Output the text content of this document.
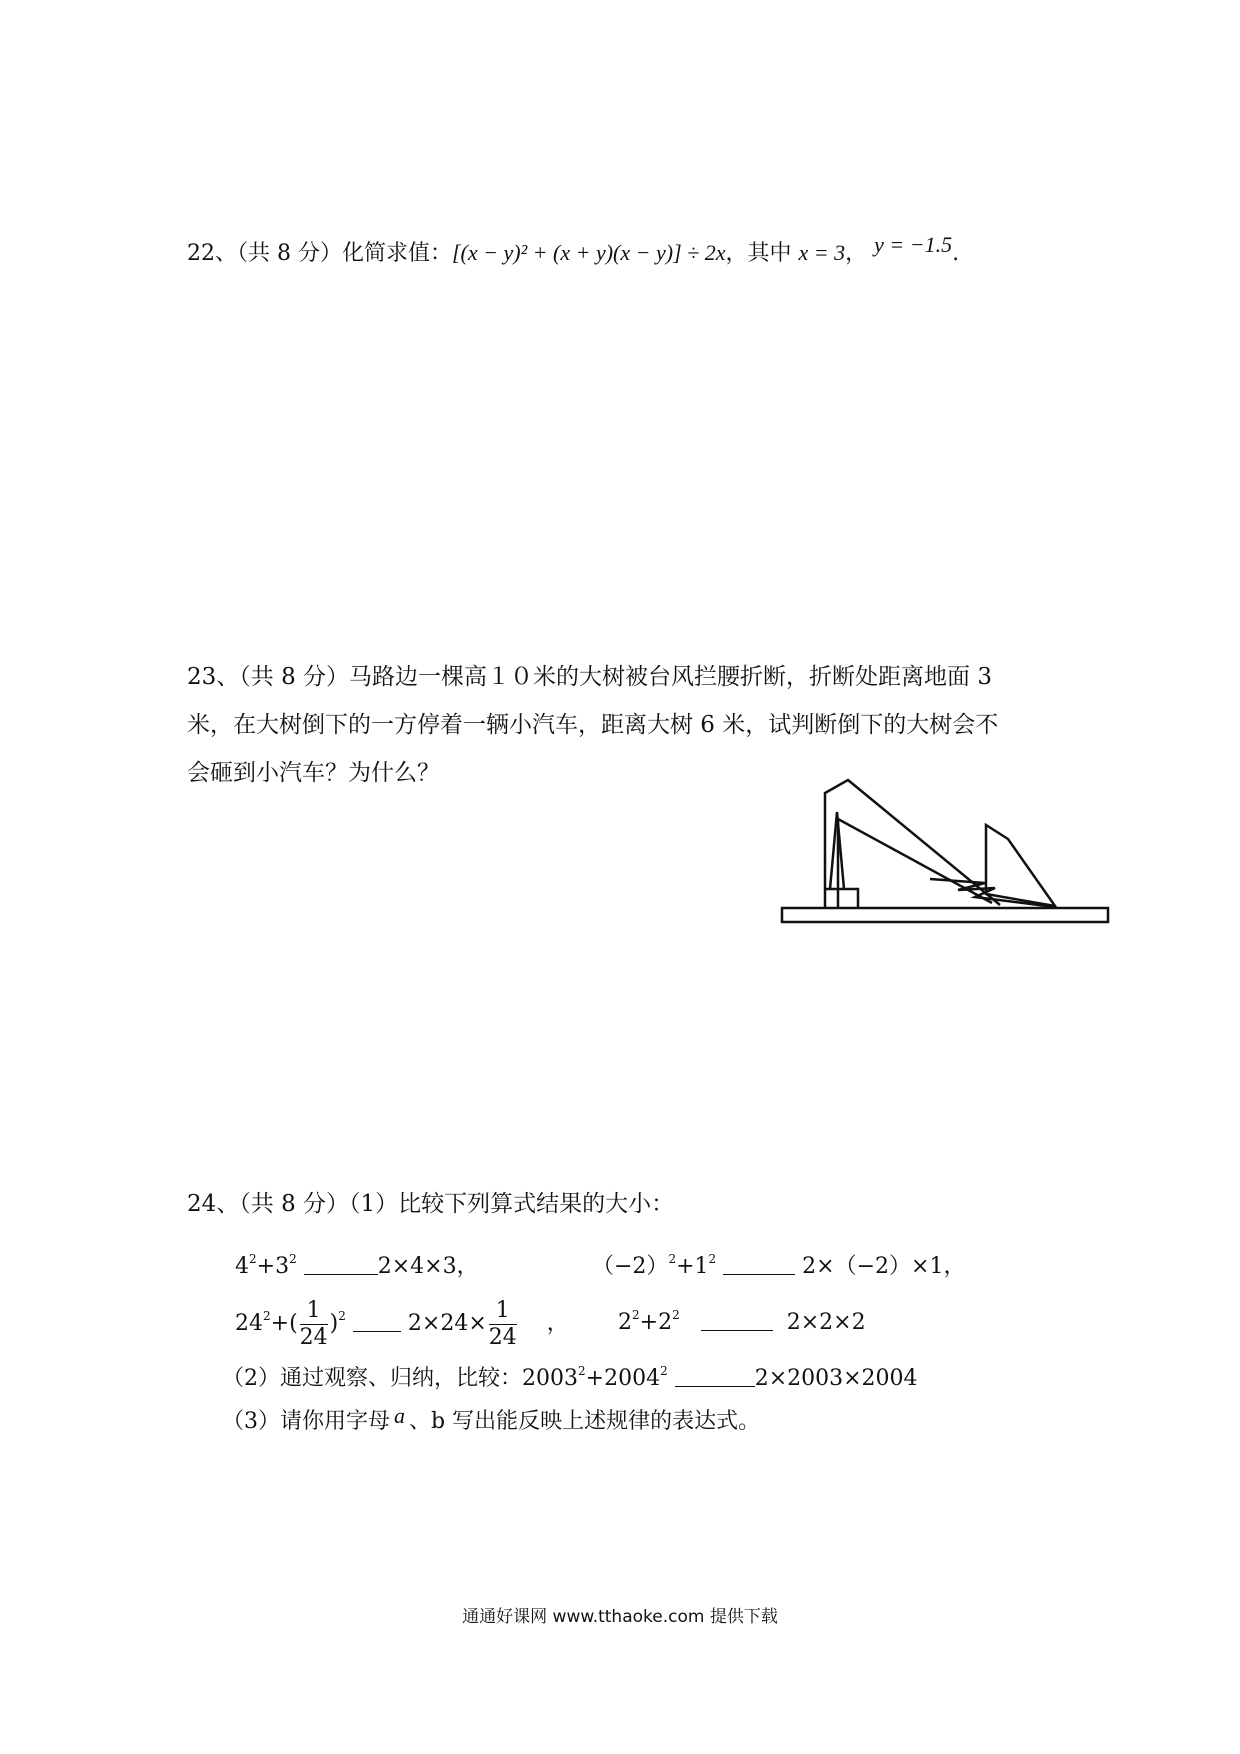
22、（共 8 分）化简求值：[(x − y)² + (x + y)(x − y)] ÷ 2x，其中 x = 3， y = −1.5.
23、（共 8 分）马路边一棵高１０米的大树被台风拦腰折断，折断处距离地面 3
米，在大树倒下的一方停着一辆小汽车，距离大树 6 米，试判断倒下的大树会不
会砸到小汽车？为什么？
24、（共 8 分）（1）比较下列算式结果的大小：
$4^2+3^2$	2×4×3，	$(-2)^2+1^2$	2×（−2）×1，
$24^2+( \frac{1}{24} )^2$	$2\times 24\times \frac{1}{24}$ ， $2^2+2^2$	2×2×2
（2）通过观察、归纳，比较：$2003^2+2004^2$	2×2003×2004
（3）请你用字母 a 、b 写出能反映上述规律的表达式。
通通好课网 www.tthaoke.com 提供下载
